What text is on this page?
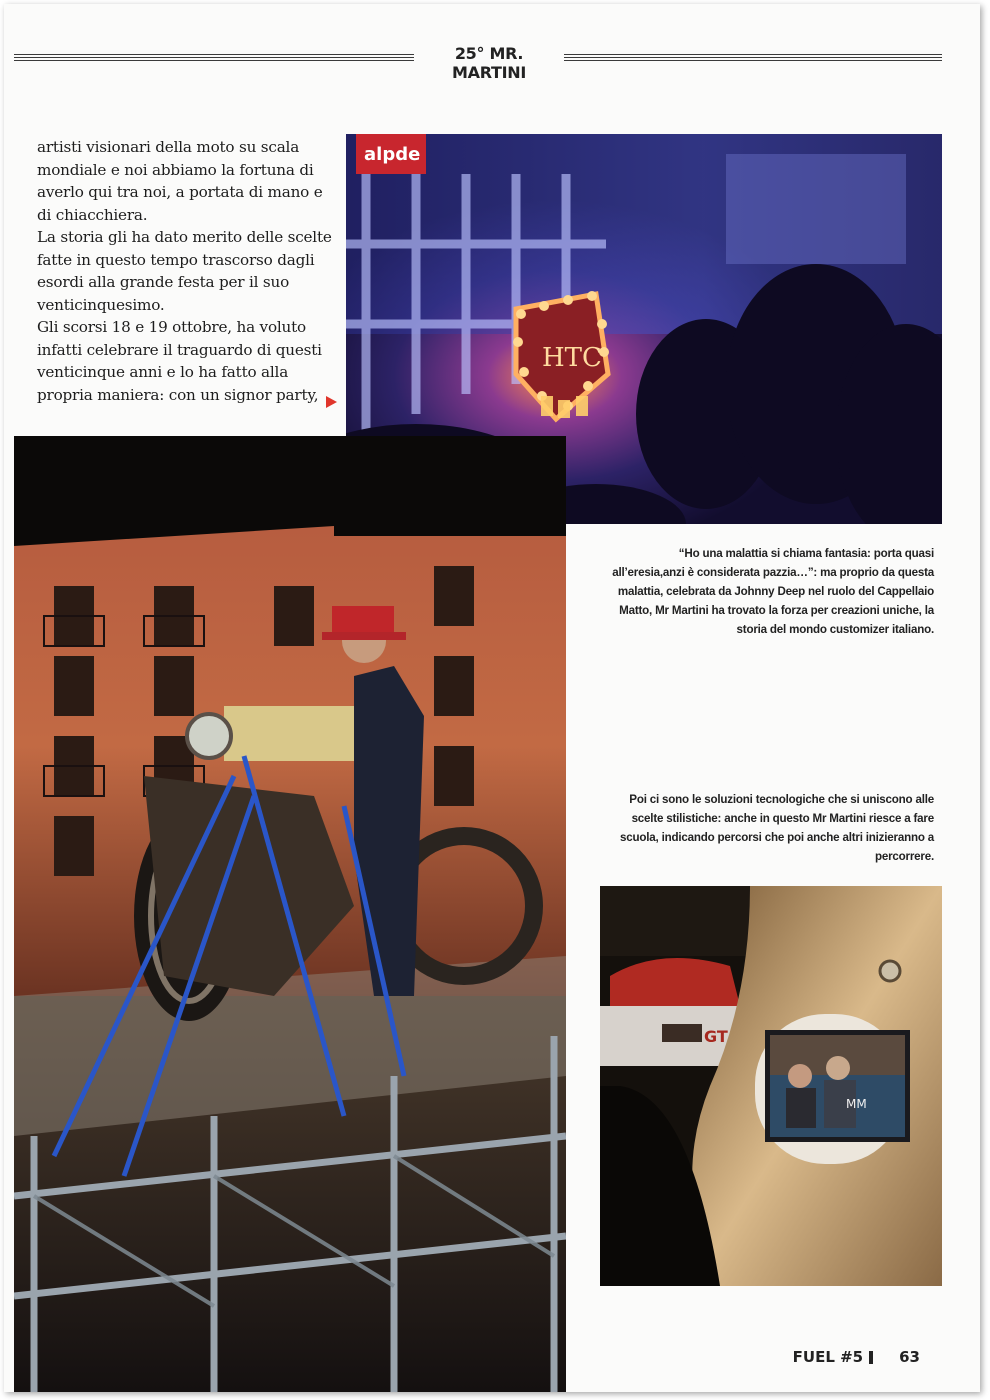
25° MR. MARTINI

artisti visionari della moto su scala mondiale e noi abbiamo la fortuna di averlo qui tra noi, a portata di mano e di chiacchiera.

La storia gli ha dato merito delle scelte fatte in questo tempo trascorso dagli esordi alla grande festa per il suo venticinquesimo.

Gli scorsi 18 e 19 ottobre, ha voluto infatti celebrare il traguardo di questi venticinque anni e lo ha fatto alla propria maniera: con un signor party,

alpde
HTC
“Ho una malattia si chiama fantasia: porta quasi all’eresia,anzi è considerata pazzia…”: ma proprio da questa malattia, celebrata da Johnny Deep nel ruolo del Cappellaio Matto, Mr Martini ha trovato la forza per creazioni uniche, la storia del mondo customizer italiano.
Poi ci sono le soluzioni tecnologiche che si uniscono alle scelte stilistiche: anche in questo Mr Martini riesce a fare scuola, indicando percorsi che poi anche altri inizieranno a percorrere.
GT
MM
FUEL #5 63
